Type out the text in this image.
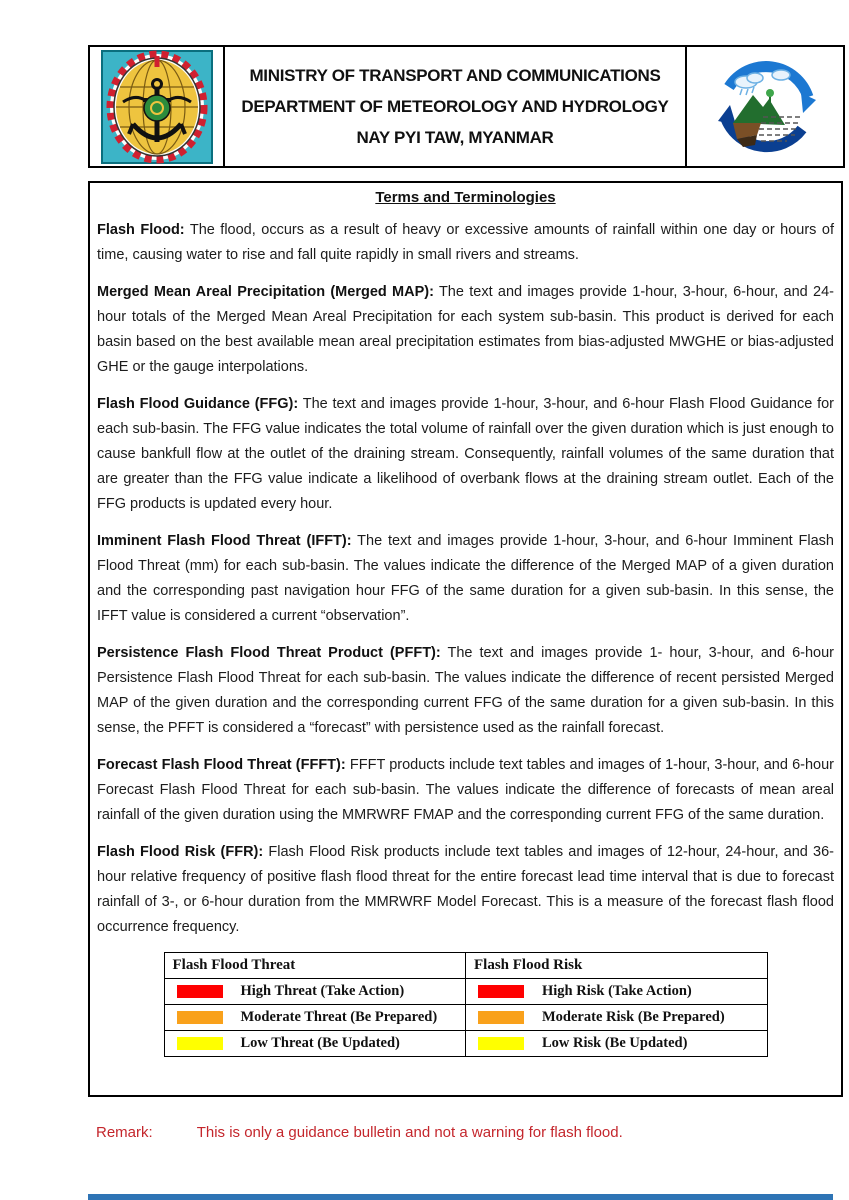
MINISTRY OF TRANSPORT AND COMMUNICATIONS
DEPARTMENT OF METEOROLOGY AND HYDROLOGY
NAY PYI TAW, MYANMAR
Terms and Terminologies

Flash Flood: The flood, occurs as a result of heavy or excessive amounts of rainfall within one day or hours of time, causing water to rise and fall quite rapidly in small rivers and streams.

Merged Mean Areal Precipitation (Merged MAP): The text and images provide 1-hour, 3-hour, 6-hour, and 24-hour totals of the Merged Mean Areal Precipitation for each system sub-basin. This product is derived for each basin based on the best available mean areal precipitation estimates from bias-adjusted MWGHE or bias-adjusted GHE or the gauge interpolations.

Flash Flood Guidance (FFG): The text and images provide 1-hour, 3-hour, and 6-hour Flash Flood Guidance for each sub-basin. The FFG value indicates the total volume of rainfall over the given duration which is just enough to cause bankfull flow at the outlet of the draining stream. Consequently, rainfall volumes of the same duration that are greater than the FFG value indicate a likelihood of overbank flows at the draining stream outlet. Each of the FFG products is updated every hour.

Imminent Flash Flood Threat (IFFT): The text and images provide 1-hour, 3-hour, and 6-hour Imminent Flash Flood Threat (mm) for each sub-basin. The values indicate the difference of the Merged MAP of a given duration and the corresponding past navigation hour FFG of the same duration for a given sub-basin. In this sense, the IFFT value is considered a current “observation”.

Persistence Flash Flood Threat Product (PFFT): The text and images provide 1- hour, 3-hour, and 6-hour Persistence Flash Flood Threat for each sub-basin. The values indicate the difference of recent persisted Merged MAP of the given duration and the corresponding current FFG of the same duration for a given sub-basin. In this sense, the PFFT is considered a “forecast” with persistence used as the rainfall forecast.

Forecast Flash Flood Threat (FFFT): FFFT products include text tables and images of 1-hour, 3-hour, and 6-hour Forecast Flash Flood Threat for each sub-basin. The values indicate the difference of forecasts of mean areal rainfall of the given duration using the MMRWRF FMAP and the corresponding current FFG of the same duration.

Flash Flood Risk (FFR): Flash Flood Risk products include text tables and images of 12-hour, 24-hour, and 36-hour relative frequency of positive flash flood threat for the entire forecast lead time interval that is due to forecast rainfall of 3-, or 6-hour duration from the MMRWRF Model Forecast. This is a measure of the forecast flash flood occurrence frequency.

Flash Flood Threat	Flash Flood Risk

High Threat (Take Action)	High Risk (Take Action)

Moderate Threat (Be Prepared)	Moderate Risk (Be Prepared)

Low Threat (Be Updated)	Low Risk (Be Updated)
Remark:	This is only a guidance bulletin and not a warning for flash flood.
